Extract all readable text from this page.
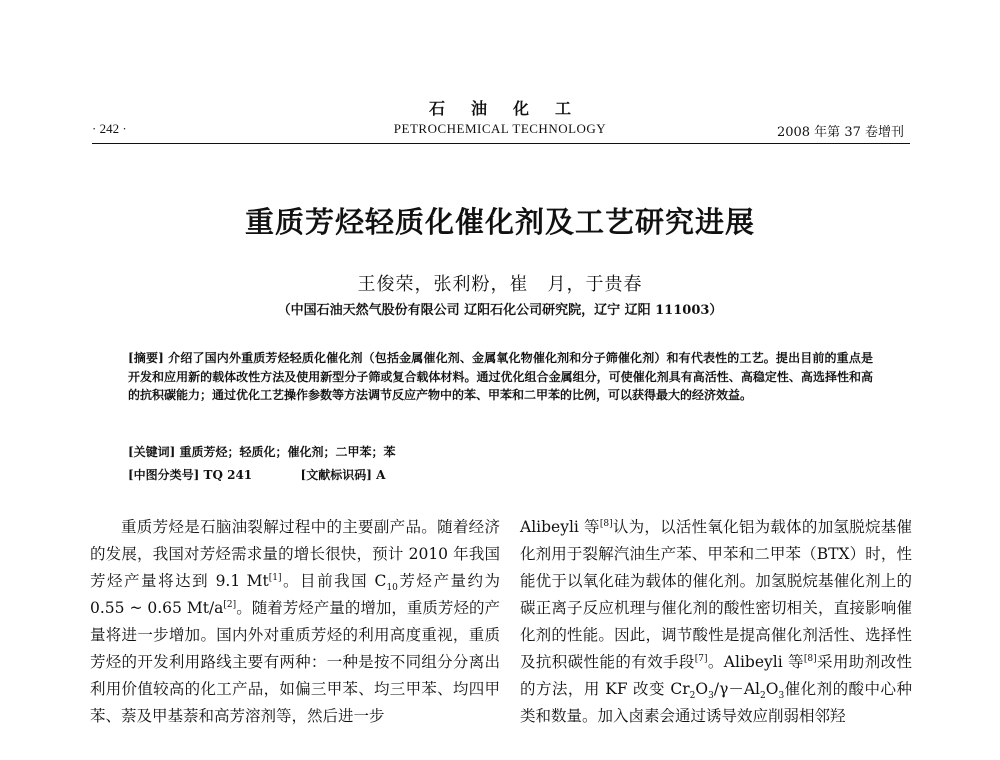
石油化工
· 242 ·	PETROCHEMICAL TECHNOLOGY	2008 年第 37 卷增刊
重质芳烃轻质化催化剂及工艺研究进展
王俊荣，张利粉，崔　月，于贵春
（中国石油天然气股份有限公司 辽阳石化公司研究院，辽宁 辽阳 111003）
[摘要] 介绍了国内外重质芳烃轻质化催化剂（包括金属催化剂、金属氧化物催化剂和分子筛催化剂）和有代表性的工艺。提出目前的重点是开发和应用新的载体改性方法及使用新型分子筛或复合载体材料。通过优化组合金属组分，可使催化剂具有高活性、高稳定性、高选择性和高的抗积碳能力；通过优化工艺操作参数等方法调节反应产物中的苯、甲苯和二甲苯的比例，可以获得最大的经济效益。
[关键词] 重质芳烃；轻质化；催化剂；二甲苯；苯
[中图分类号] TQ 241	[文献标识码] A

重质芳烃是石脑油裂解过程中的主要副产品。随着经济的发展，我国对芳烃需求量的增长很快，预计 2010 年我国芳烃产量将达到 9.1 Mt[1]。目前我国 $C_{10}$芳烃产量约为 0.55 ~ 0.65 Mt/a[2]。随着芳烃产量的增加，重质芳烃的产量将进一步增加。国内外对重质芳烃的利用高度重视，重质芳烃的开发利用路线主要有两种：一种是按不同组分分离出利用价值较高的化工产品，如偏三甲苯、均三甲苯、均四甲苯、萘及甲基萘和高芳溶剂等，然后进一步

Alibeyli 等[8]认为，以活性氧化铝为载体的加氢脱烷基催化剂用于裂解汽油生产苯、甲苯和二甲苯（BTX）时，性能优于以氧化硅为载体的催化剂。加氢脱烷基催化剂上的碳正离子反应机理与催化剂的酸性密切相关，直接影响催化剂的性能。因此，调节酸性是提高催化剂活性、选择性及抗积碳性能的有效手段[7]。Alibeyli 等[8]采用助剂改性的方法，用 KF 改变 $Cr_2O_3/\gamma-Al_2O_3$催化剂的酸中心种类和数量。加入卤素会通过诱导效应削弱相邻羟
